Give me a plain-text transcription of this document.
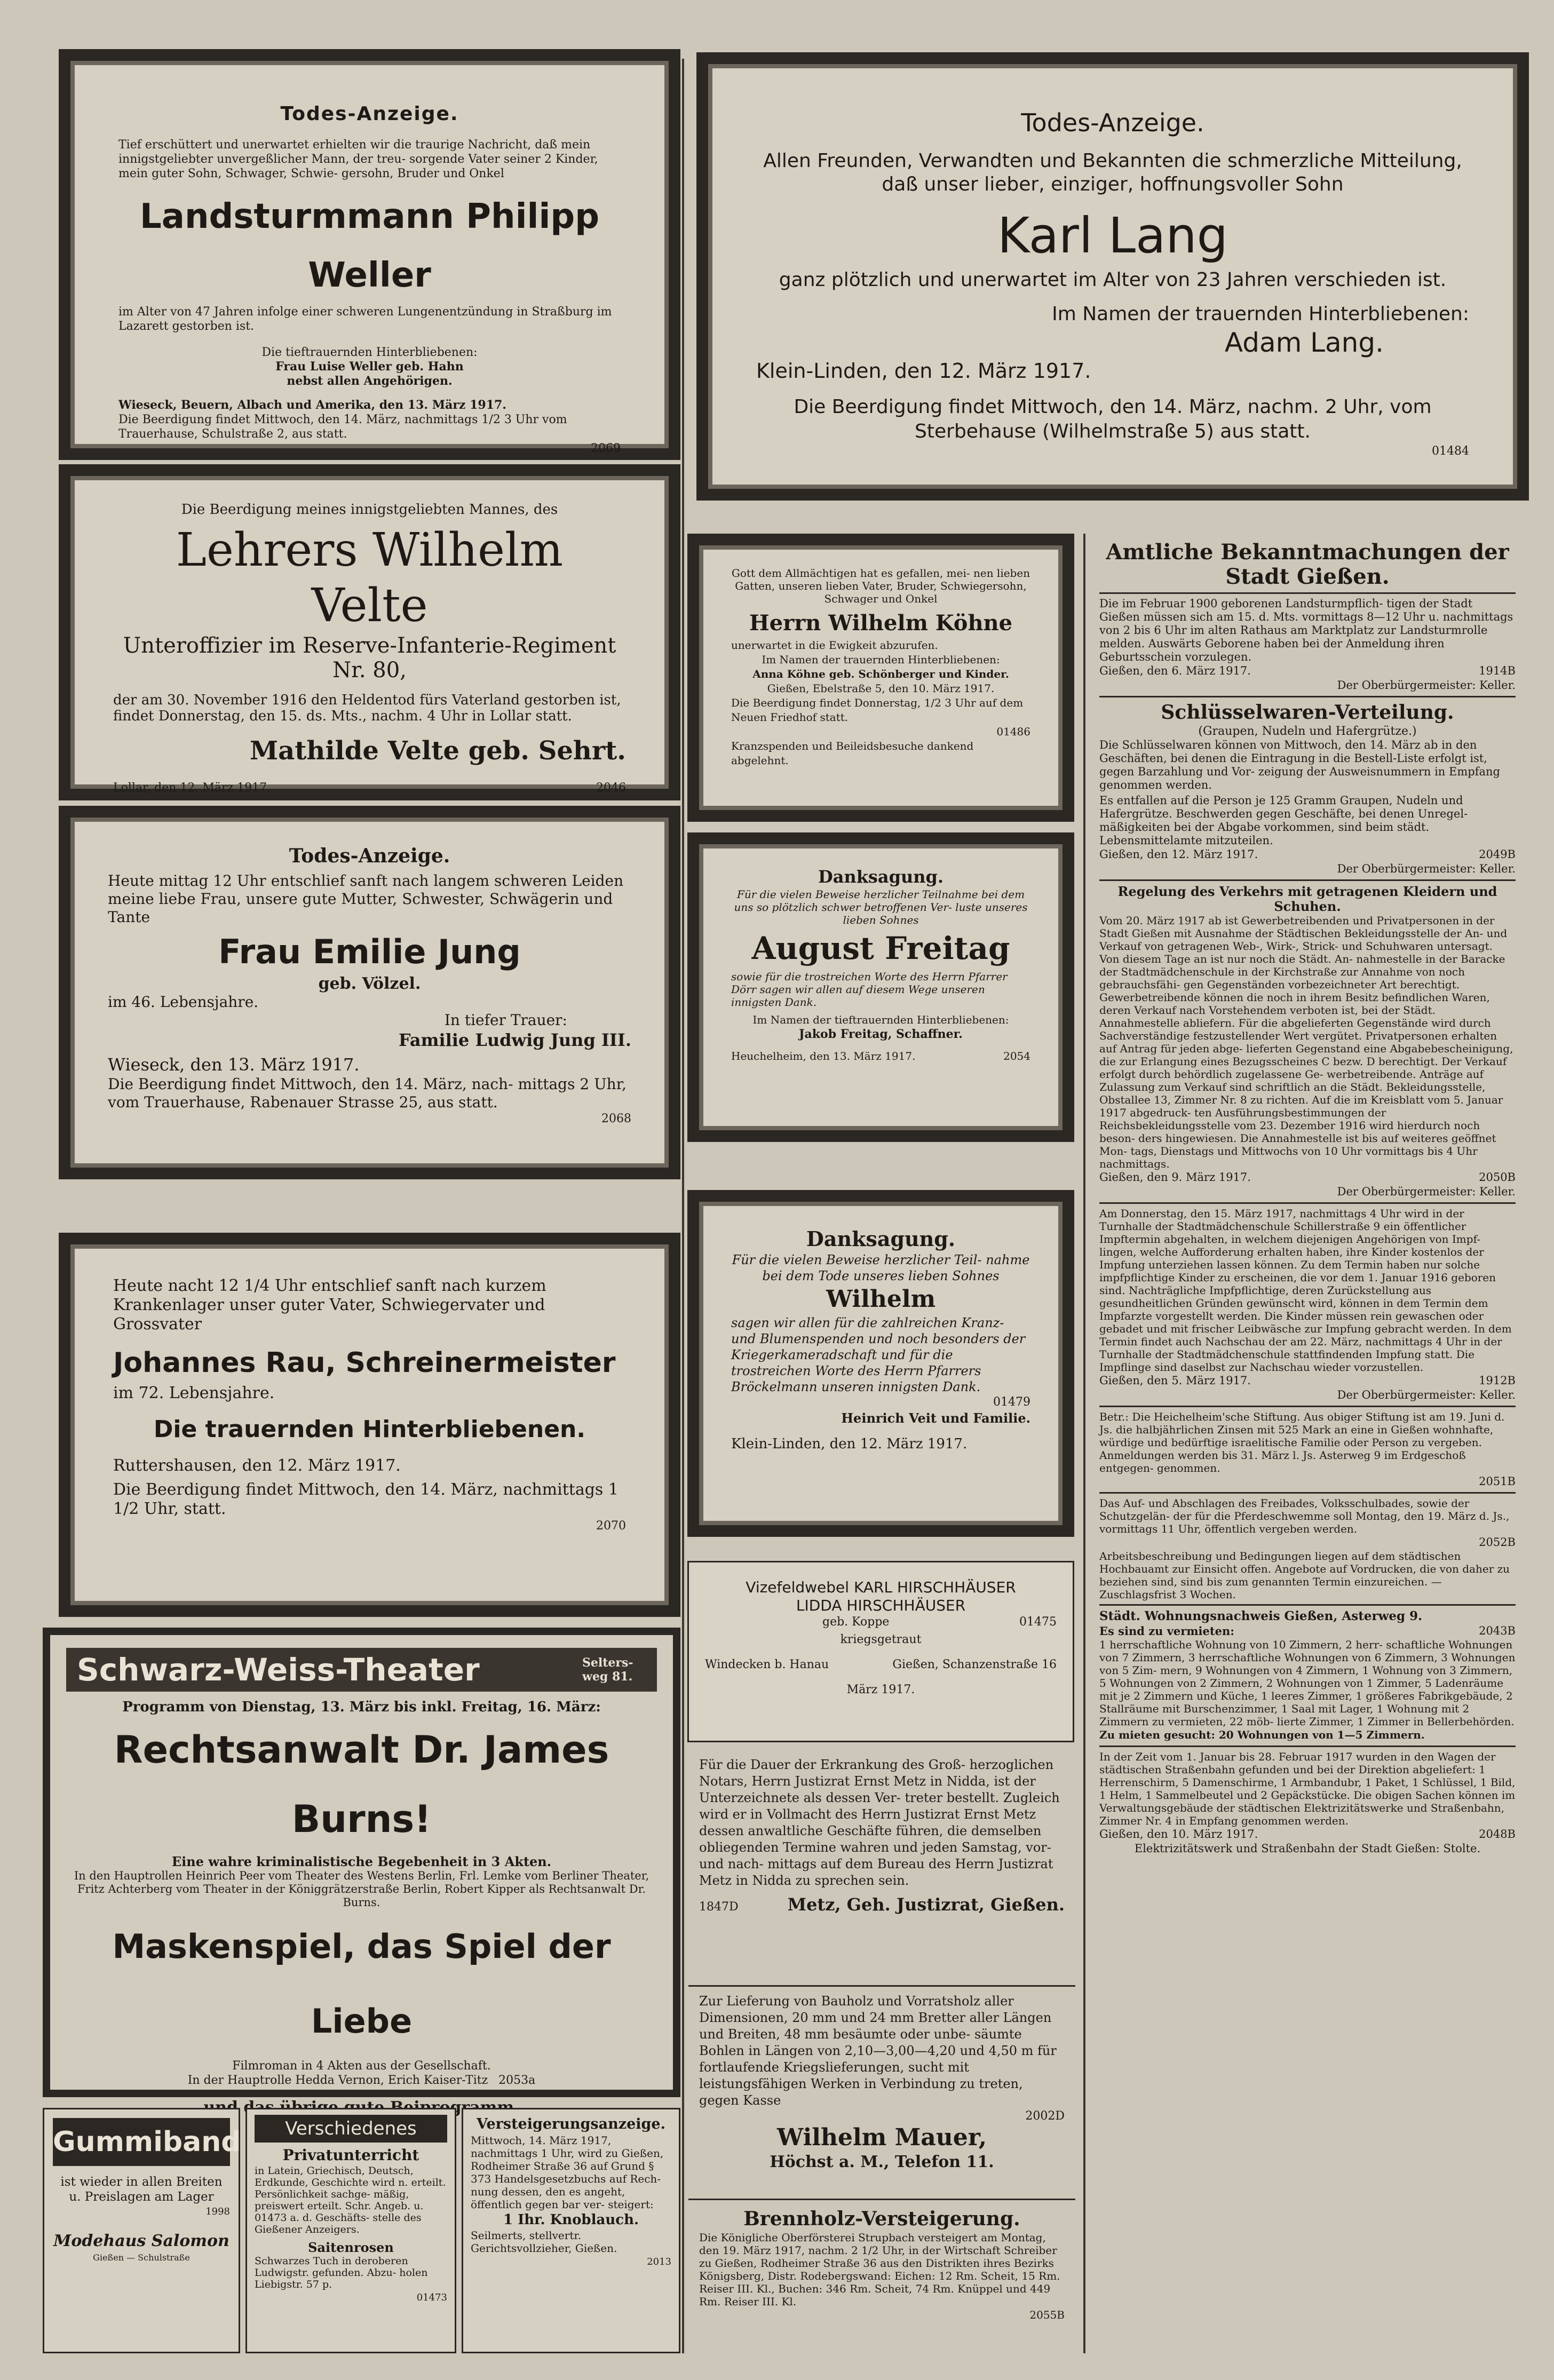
Todes-Anzeige.
Tief erschüttert und unerwartet erhielten wir die traurige Nachricht, daß mein innigstgeliebter unvergeßlicher Mann, der treu- sorgende Vater seiner 2 Kinder, mein guter Sohn, Schwager, Schwie- gersohn, Bruder und Onkel
Landsturmmann Philipp Weller
im Alter von 47 Jahren infolge einer schweren Lungenentzündung in Straßburg im Lazarett gestorben ist.
Die tieftrauernden Hinterbliebenen:
Frau Luise Weller geb. Hahn
nebst allen Angehörigen.
Wieseck, Beuern, Albach und Amerika, den 13. März 1917.
Die Beerdigung findet Mittwoch, den 14. März, nachmittags 1/2 3 Uhr vom Trauerhause, Schulstraße 2, aus statt.
2069
Todes-Anzeige.
Allen Freunden, Verwandten und Bekannten die schmerzliche Mitteilung, daß unser lieber, einziger, hoffnungsvoller Sohn
Karl Lang
ganz plötzlich und unerwartet im Alter von 23 Jahren verschieden ist.
Im Namen der trauernden Hinterbliebenen:
Adam Lang.
Klein-Linden, den 12. März 1917.
Die Beerdigung findet Mittwoch, den 14. März, nachm. 2 Uhr, vom Sterbehause (Wilhelmstraße 5) aus statt.
01484
Die Beerdigung meines innigstgeliebten Mannes, des
Lehrers Wilhelm Velte
Unteroffizier im Reserve-Infanterie-Regiment Nr. 80,
der am 30. November 1916 den Heldentod fürs Vaterland gestorben ist, findet Donnerstag, den 15. ds. Mts., nachm. 4 Uhr in Lollar statt.
Mathilde Velte geb. Sehrt.
Lollar, den 12. März 1917.	2046
Gott dem Allmächtigen hat es gefallen, mei- nen lieben Gatten, unseren lieben Vater, Bruder, Schwiegersohn, Schwager und Onkel
Herrn Wilhelm Köhne
unerwartet in die Ewigkeit abzurufen.
Im Namen der trauernden Hinterbliebenen:
Anna Köhne geb. Schönberger und Kinder.
Gießen, Ebelstraße 5, den 10. März 1917.
Die Beerdigung findet Donnerstag, 1/2 3 Uhr auf dem Neuen Friedhof statt.
01486
Kranzspenden und Beileidsbesuche dankend abgelehnt.
Amtliche Bekanntmachungen der
Stadt Gießen.
Die im Februar 1900 geborenen Landsturmpflich- tigen der Stadt Gießen müssen sich am 15. d. Mts. vormittags 8—12 Uhr u. nachmittags von 2 bis 6 Uhr im alten Rathaus am Marktplatz zur Landsturmrolle melden. Auswärts Geborene haben bei der Anmeldung ihren Geburtsschein vorzulegen.
Gießen, den 6. März 1917.	1914B
Der Oberbürgermeister: Keller.
Schlüsselwaren-Verteilung.
(Graupen, Nudeln und Hafergrütze.)
Die Schlüsselwaren können von Mittwoch, den 14. März ab in den Geschäften, bei denen die Eintragung in die Bestell-Liste erfolgt ist, gegen Barzahlung und Vor- zeigung der Ausweisnummern in Empfang genommen werden.
Es entfallen auf die Person je 125 Gramm Graupen, Nudeln und Hafergrütze. Beschwerden gegen Geschäfte, bei denen Unregel- mäßigkeiten bei der Abgabe vorkommen, sind beim städt. Lebensmittelamte mitzuteilen.
Gießen, den 12. März 1917.	2049B
Der Oberbürgermeister: Keller.
Regelung des Verkehrs mit getragenen Kleidern und Schuhen.
Vom 20. März 1917 ab ist Gewerbetreibenden und Privatpersonen in der Stadt Gießen mit Ausnahme der Städtischen Bekleidungsstelle der An- und Verkauf von getragenen Web-, Wirk-, Strick- und Schuhwaren untersagt. Von diesem Tage an ist nur noch die Städt. An- nahmestelle in der Baracke der Stadtmädchenschule in der Kirchstraße zur Annahme von noch gebrauchsfähi- gen Gegenständen vorbezeichneter Art berechtigt. Gewerbetreibende können die noch in ihrem Besitz befindlichen Waren, deren Verkauf nach Vorstehendem verboten ist, bei der Städt. Annahmestelle abliefern. Für die abgelieferten Gegenstände wird durch Sachverständige festzustellender Wert vergütet. Privatpersonen erhalten auf Antrag für jeden abge- lieferten Gegenstand eine Abgabebescheinigung, die zur Erlangung eines Bezugsscheines C bezw. D berechtigt. Der Verkauf erfolgt durch behördlich zugelassene Ge- werbetreibende. Anträge auf Zulassung zum Verkauf sind schriftlich an die Städt. Bekleidungsstelle, Obstallee 13, Zimmer Nr. 8 zu richten. Auf die im Kreisblatt vom 5. Januar 1917 abgedruck- ten Ausführungsbestimmungen der Reichsbekleidungsstelle vom 23. Dezember 1916 wird hierdurch noch beson- ders hingewiesen. Die Annahmestelle ist bis auf weiteres geöffnet Mon- tags, Dienstags und Mittwochs von 10 Uhr vormittags bis 4 Uhr nachmittags.
Gießen, den 9. März 1917.	2050B
Der Oberbürgermeister: Keller.
Am Donnerstag, den 15. März 1917, nachmittags 4 Uhr wird in der Turnhalle der Stadtmädchenschule Schillerstraße 9 ein öffentlicher Impftermin abgehalten, in welchem diejenigen Angehörigen von Impf- lingen, welche Aufforderung erhalten haben, ihre Kinder kostenlos der Impfung unterziehen lassen können. Zu dem Termin haben nur solche impfpflichtige Kinder zu erscheinen, die vor dem 1. Januar 1916 geboren sind. Nachträgliche Impfpflichtige, deren Zurückstellung aus gesundheitlichen Gründen gewünscht wird, können in dem Termin dem Impfarzte vorgestellt werden. Die Kinder müssen rein gewaschen oder gebadet und mit frischer Leibwäsche zur Impfung gebracht werden. In dem Termin findet auch Nachschau der am 22. März, nachmittags 4 Uhr in der Turnhalle der Stadtmädchenschule stattfindenden Impfung statt. Die Impflinge sind daselbst zur Nachschau wieder vorzustellen.
Gießen, den 5. März 1917.	1912B
Der Oberbürgermeister: Keller.
Betr.: Die Heichelheim'sche Stiftung. Aus obiger Stiftung ist am 19. Juni d. Js. die halbjährlichen Zinsen mit 525 Mark an eine in Gießen wohnhafte, würdige und bedürftige israelitische Familie oder Person zu vergeben. Anmeldungen werden bis 31. März l. Js. Asterweg 9 im Erdgeschoß entgegen- genommen.
2051B
Das Auf- und Abschlagen des Freibades, Volksschulbades, sowie der Schutzgelän- der für die Pferdeschwemme soll Montag, den 19. März d. Js., vormittags 11 Uhr, öffentlich vergeben werden.
2052B
Arbeitsbeschreibung und Bedingungen liegen auf dem städtischen Hochbauamt zur Einsicht offen. Angebote auf Vordrucken, die von daher zu beziehen sind, sind bis zum genannten Termin einzureichen. — Zuschlagsfrist 3 Wochen.
Städt. Wohnungsnachweis Gießen, Asterweg 9.
Es sind zu vermieten:	2043B
1 herrschaftliche Wohnung von 10 Zimmern, 2 herr- schaftliche Wohnungen von 7 Zimmern, 3 herrschaftliche Wohnungen von 6 Zimmern, 3 Wohnungen von 5 Zim- mern, 9 Wohnungen von 4 Zimmern, 1 Wohnung von 3 Zimmern, 5 Wohnungen von 2 Zimmern, 2 Wohnungen von 1 Zimmer, 5 Ladenräume mit je 2 Zimmern und Küche, 1 leeres Zimmer, 1 größeres Fabrikgebäude, 2 Stallräume mit Burschenzimmer, 1 Saal mit Lager, 1 Wohnung mit 2 Zimmern zu vermieten, 22 möb- lierte Zimmer, 1 Zimmer in Bellerbehörden.
Zu mieten gesucht: 20 Wohnungen von 1—5 Zimmern.
In der Zeit vom 1. Januar bis 28. Februar 1917 wurden in den Wagen der städtischen Straßenbahn gefunden und bei der Direktion abgeliefert: 1 Herrenschirm, 5 Damenschirme, 1 Armbandubr, 1 Paket, 1 Schlüssel, 1 Bild, 1 Helm, 1 Sammelbeutel und 2 Gepäckstücke. Die obigen Sachen können im Verwaltungsgebäude der städtischen Elektrizitätswerke und Straßenbahn, Zimmer Nr. 4 in Empfang genommen werden.
Gießen, den 10. März 1917.	2048B
Elektrizitätswerk und Straßenbahn der Stadt Gießen: Stolte.
Todes-Anzeige.
Heute mittag 12 Uhr entschlief sanft nach langem schweren Leiden meine liebe Frau, unsere gute Mutter, Schwester, Schwägerin und Tante
Frau Emilie Jung
geb. Völzel.
im 46. Lebensjahre.
In tiefer Trauer:
Familie Ludwig Jung III.
Wieseck, den 13. März 1917.
Die Beerdigung findet Mittwoch, den 14. März, nach- mittags 2 Uhr, vom Trauerhause, Rabenauer Strasse 25, aus statt.
2068
Danksagung.
Für die vielen Beweise herzlicher Teilnahme bei dem uns so plötzlich schwer betroffenen Ver- luste unseres lieben Sohnes
August Freitag
sowie für die trostreichen Worte des Herrn Pfarrer Dörr sagen wir allen auf diesem Wege unseren innigsten Dank.
Im Namen der tieftrauernden Hinterbliebenen:
Jakob Freitag, Schaffner.
Heuchelheim, den 13. März 1917.	2054
Heute nacht 12 1/4 Uhr entschlief sanft nach kurzem Krankenlager unser guter Vater, Schwiegervater und Grossvater
Johannes Rau, Schreinermeister
im 72. Lebensjahre.
Die trauernden Hinterbliebenen.
Ruttershausen, den 12. März 1917.
Die Beerdigung findet Mittwoch, den 14. März, nachmittags 1 1/2 Uhr, statt.
2070
Danksagung.
Für die vielen Beweise herzlicher Teil- nahme bei dem Tode unseres lieben Sohnes
Wilhelm
sagen wir allen für die zahlreichen Kranz- und Blumenspenden und noch besonders der Kriegerkameradschaft und für die trostreichen Worte des Herrn Pfarrers Bröckelmann unseren innigsten Dank.
01479
Heinrich Veit und Familie.
Klein-Linden, den 12. März 1917.
Vizefeldwebel KARL HIRSCHHÄUSER
LIDDA HIRSCHHÄUSER
geb. Koppe	01475
kriegsgetraut
Windecken b. Hanau	Gießen, Schanzenstraße 16
März 1917.
Für die Dauer der Erkrankung des Groß- herzoglichen Notars, Herrn Justizrat Ernst Metz in Nidda, ist der Unterzeichnete als dessen Ver- treter bestellt. Zugleich wird er in Vollmacht des Herrn Justizrat Ernst Metz dessen anwaltliche Geschäfte führen, die demselben obliegenden Termine wahren und jeden Samstag, vor- und nach- mittags auf dem Bureau des Herrn Justizrat Metz in Nidda zu sprechen sein.
1847D	Metz, Geh. Justizrat, Gießen.
Zur Lieferung von Bauholz und Vorratsholz aller Dimensionen, 20 mm und 24 mm Bretter aller Längen und Breiten, 48 mm besäumte oder unbe- säumte Bohlen in Längen von 2,10—3,00—4,20 und 4,50 m für fortlaufende Kriegslieferungen, sucht mit leistungsfähigen Werken in Verbindung zu treten, gegen Kasse
2002D
Wilhelm Mauer,
Höchst a. M., Telefon 11.
Brennholz-Versteigerung.
Die Königliche Oberförsterei Strupbach versteigert am Montag, den 19. März 1917, nachm. 2 1/2 Uhr, in der Wirtschaft Schreiber zu Gießen, Rodheimer Straße 36 aus den Distrikten ihres Bezirks Königsberg, Distr. Rodebergswand: Eichen: 12 Rm. Scheit, 15 Rm. Reiser III. Kl., Buchen: 346 Rm. Scheit, 74 Rm. Knüppel und 449 Rm. Reiser III. Kl.
2055B
Schwarz-Weiss-Theater	Selters- weg 81.
Programm von Dienstag, 13. März bis inkl. Freitag, 16. März:
Rechtsanwalt Dr. James Burns!
Eine wahre kriminalistische Begebenheit in 3 Akten.
In den Hauptrollen Heinrich Peer vom Theater des Westens Berlin, Frl. Lemke vom Berliner Theater, Fritz Achterberg vom Theater in der Königgrätzerstraße Berlin, Robert Kipper als Rechtsanwalt Dr. Burns.
Maskenspiel, das Spiel der Liebe
Filmroman in 4 Akten aus der Gesellschaft.
In der Hauptrolle Hedda Vernon, Erich Kaiser-Titz 2053a
Gummiband
ist wieder in allen Breiten u. Preislagen am Lager
1998
Modehaus Salomon
Gießen — Schulstraße
Verschiedenes
Privatunterricht
in Latein, Griechisch, Deutsch, Erdkunde, Geschichte wird n. erteilt. Persönlichkeit sachge- mäßig, preiswert erteilt. Schr. Angeb. u. 01473 a. d. Geschäfts- stelle des Gießener Anzeigers.
Saitenrosen
Schwarzes Tuch in deroberen Ludwigstr. gefunden. Abzu- holen Liebigstr. 57 p.
01473
Versteigerungsanzeige.
Mittwoch, 14. März 1917, nachmittags 1 Uhr, wird zu Gießen, Rodheimer Straße 36 auf Grund § 373 Handelsgesetzbuchs auf Rech- nung dessen, den es angeht, öffentlich gegen bar ver- steigert:
1 Ihr. Knoblauch.
Seilmerts, stellvertr. Gerichtsvollzieher, Gießen.
2013
